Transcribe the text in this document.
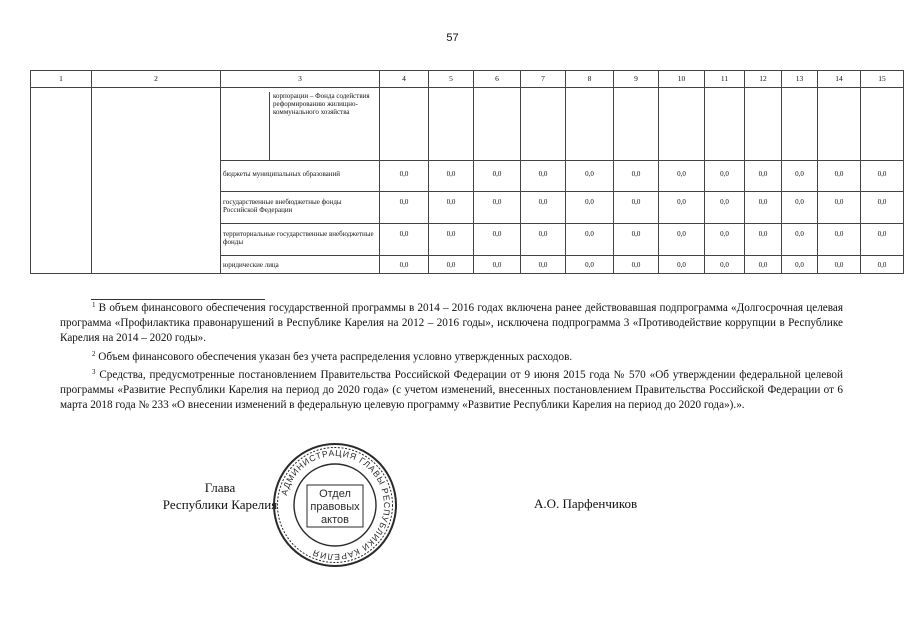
57
1	2	3	4	5	6	7	8	9	10	11	12	13	14	15

		корпорации – Фонда содействия реформированию жилищно-коммунального хозяйства												

		бюджеты муниципальных образований	0,0	0,0	0,0	0,0	0,0	0,0	0,0	0,0	0,0	0,0	0,0	0,0
		государственные внебюджетные фонды Российской Федерации	0,0	0,0	0,0	0,0	0,0	0,0	0,0	0,0	0,0	0,0	0,0	0,0
		территориальные государственные внебюджетные фонды	0,0	0,0	0,0	0,0	0,0	0,0	0,0	0,0	0,0	0,0	0,0	0,0
		юридические лица	0,0	0,0	0,0	0,0	0,0	0,0	0,0	0,0	0,0	0,0	0,0	0,0

$^1$ В объем финансового обеспечения государственной программы в 2014 – 2016 годах включена ранее действовавшая подпрограмма «Долгосрочная целевая программа «Профилактика правонарушений в Республике Карелия на 2012 – 2016 годы», исключена подпрограмма 3 «Противодействие коррупции в Республике Карелия на 2014 – 2020 годы».

$^2$ Объем финансового обеспечения указан без учета распределения условно утвержденных расходов.

$^3$ Средства, предусмотренные постановлением Правительства Российской Федерации от 9 июня 2015 года № 570 «Об утверждении федеральной целевой программы «Развитие Республики Карелия на период до 2020 года» (с учетом изменений, внесенных постановлением Правительства Российской Федерации от 6 марта 2018 года № 233 «О внесении изменений в федеральную целевую программу «Развитие Республики Карелия на период до 2020 года»).».

Глава
Республики Карелия
АДМИНИСТРАЦИЯ ГЛАВЫ РЕСПУБЛИКИ КАРЕЛИЯ
Отдел
правовых
актов
А.О. Парфенчиков
